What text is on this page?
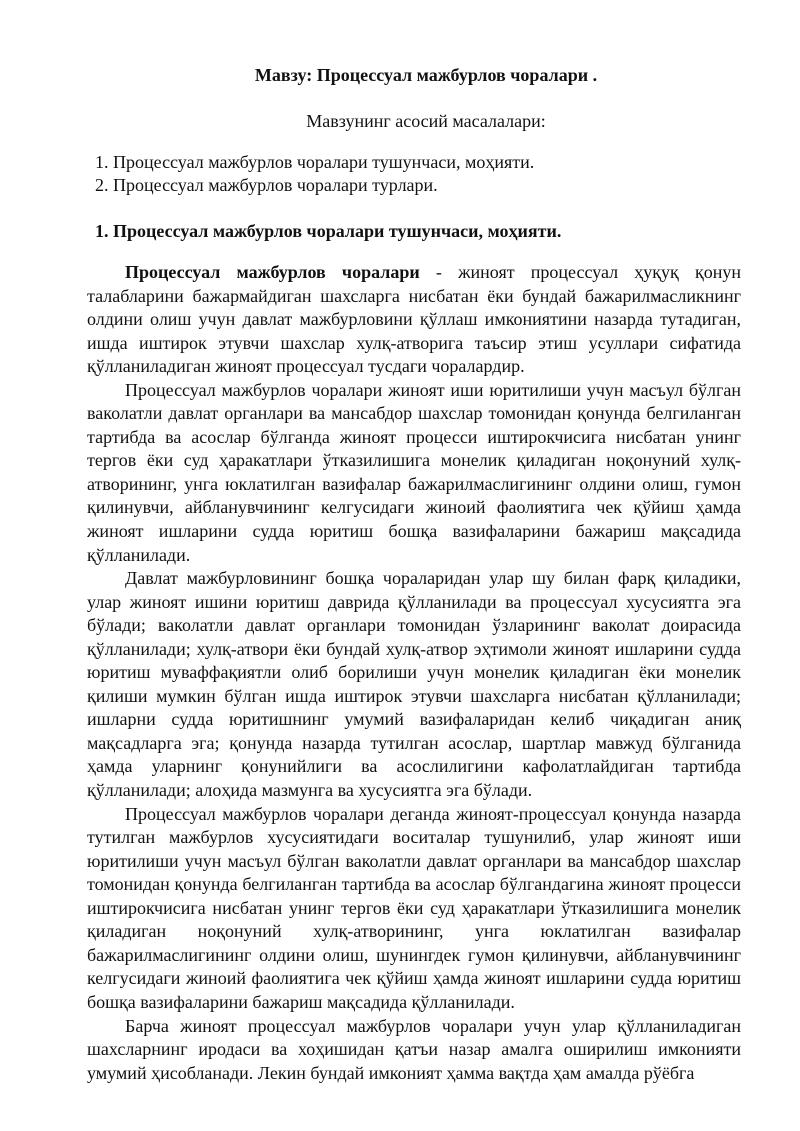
Мавзу: Процессуал мажбурлов чоралари .

Мавзунинг асосий масалалари:

1. Процессуал мажбурлов чоралари тушунчаси, моҳияти.
2. Процессуал мажбурлов чоралари турлари.
1. Процессуал мажбурлов чоралари тушунчаси, моҳияти.

Процессуал мажбурлов чоралари - жиноят процессуал ҳуқуқ қонун талабларини бажармайдиган шахсларга нисбатан ёки бундай бажарилмасликнинг олдини олиш учун давлат мажбурловини қўллаш имкониятини назарда тутадиган, ишда иштирок этувчи шахслар хулқ-атворига таъсир этиш усуллари сифатида қўлланиладиган жиноят процессуал тусдаги чоралардир.

Процессуал мажбурлов чоралари жиноят иши юритилиши учун масъул бўлган ваколатли давлат органлари ва мансабдор шахслар томонидан қонунда белгиланган тартибда ва асослар бўлганда жиноят процесси иштирокчисига нисбатан унинг тергов ёки суд ҳаракатлари ўтказилишига монелик қиладиган ноқонуний хулқ-атворининг, унга юклатилган вазифалар бажарилмаслигининг олдини олиш, гумон қилинувчи, айбланувчининг келгусидаги жиноий фаолиятига чек қўйиш ҳамда жиноят ишларини судда юритиш бошқа вазифаларини бажариш мақсадида қўлланилади.

Давлат мажбурловининг бошқа чораларидан улар шу билан фарқ қиладики, улар жиноят ишини юритиш даврида қўлланилади ва процессуал хусусиятга эга бўлади; ваколатли давлат органлари томонидан ўзларининг ваколат доирасида қўлланилади; хулқ-атвори ёки бундай хулқ-атвор эҳтимоли жиноят ишларини судда юритиш муваффақиятли олиб борилиши учун монелик қиладиган ёки монелик қилиши мумкин бўлган ишда иштирок этувчи шахсларга нисбатан қўлланилади; ишларни судда юритишнинг умумий вазифаларидан келиб чиқадиган аниқ мақсадларга эга; қонунда назарда тутилган асослар, шартлар мавжуд бўлганида ҳамда уларнинг қонунийлиги ва асослилигини кафолатлайдиган тартибда қўлланилади; алоҳида мазмунга ва хусусиятга эга бўлади.

Процессуал мажбурлов чоралари деганда жиноят-процессуал қонунда назарда тутилган мажбурлов хусусиятидаги воситалар тушунилиб, улар жиноят иши юритилиши учун масъул бўлган ваколатли давлат органлари ва мансабдор шахслар томонидан қонунда белгиланган тартибда ва асослар бўлгандагина жиноят процесси иштирокчисига нисбатан унинг тергов ёки суд ҳаракатлари ўтказилишига монелик қиладиган ноқонуний хулқ-атворининг, унга юклатилган вазифалар бажарилмаслигининг олдини олиш, шунингдек гумон қилинувчи, айбланувчининг келгусидаги жиноий фаолиятига чек қўйиш ҳамда жиноят ишларини судда юритиш бошқа вазифаларини бажариш мақсадида қўлланилади.

Барча жиноят процессуал мажбурлов чоралари учун улар қўлланиладиган шахсларнинг иродаси ва хоҳишидан қатъи назар амалга оширилиш имконияти умумий ҳисобланади. Лекин бундай имконият ҳамма вақтда ҳам амалда рўёбга
